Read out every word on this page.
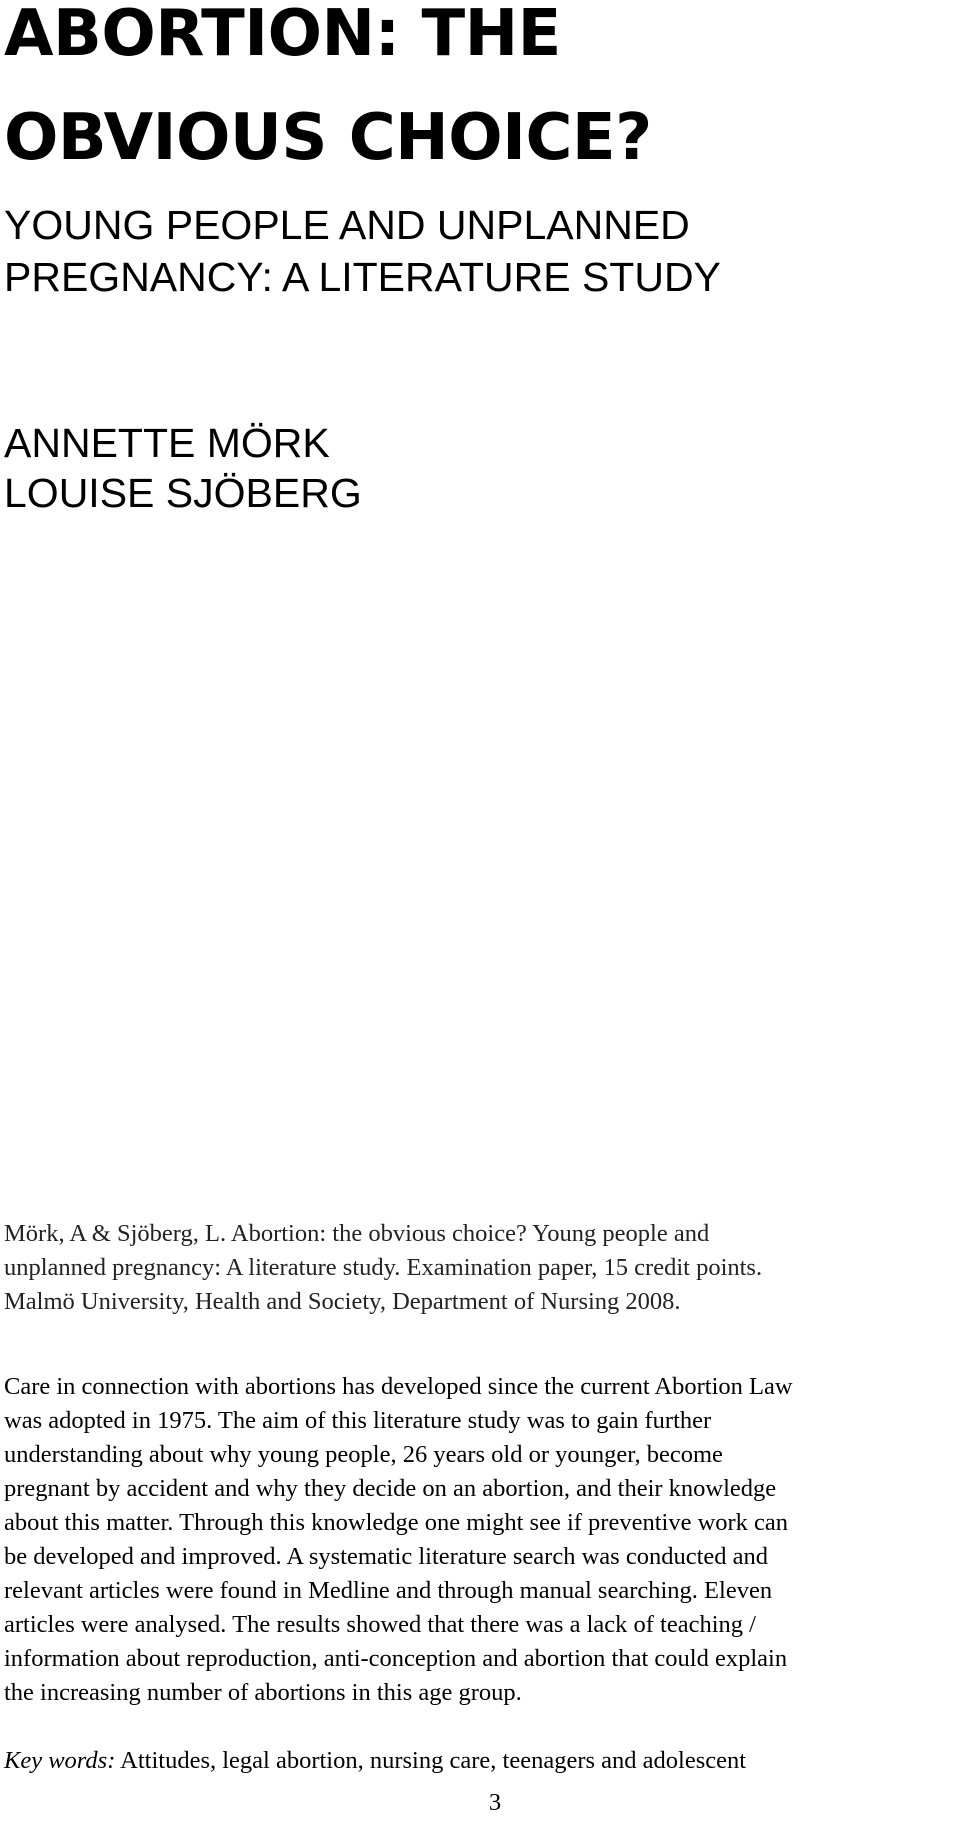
ABORTION: THE
OBVIOUS CHOICE?
YOUNG PEOPLE AND UNPLANNED
PREGNANCY: A LITERATURE STUDY
ANNETTE MÖRK
LOUISE SJÖBERG

Mörk, A & Sjöberg, L. Abortion: the obvious choice? Young people and
unplanned pregnancy: A literature study. Examination paper, 15 credit points.
Malmö University, Health and Society, Department of Nursing 2008.

Care in connection with abortions has developed since the current Abortion Law
was adopted in 1975. The aim of this literature study was to gain further
understanding about why young people, 26 years old or younger, become
pregnant by accident and why they decide on an abortion, and their knowledge
about this matter. Through this knowledge one might see if preventive work can
be developed and improved. A systematic literature search was conducted and
relevant articles were found in Medline and through manual searching. Eleven
articles were analysed. The results showed that there was a lack of teaching /
information about reproduction, anti-conception and abortion that could explain
the increasing number of abortions in this age group.

Key words: Attitudes, legal abortion, nursing care, teenagers and adolescent

3
